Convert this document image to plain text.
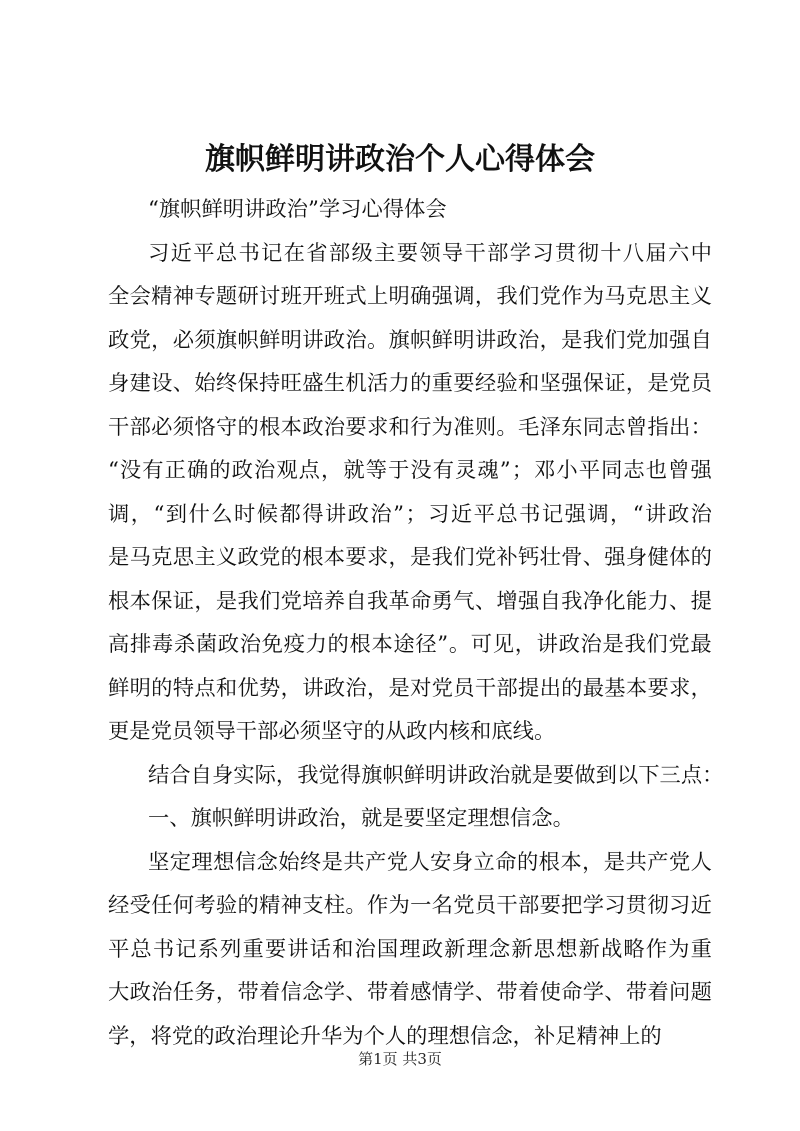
旗帜鲜明讲政治个人心得体会
“旗帜鲜明讲政治”学习心得体会
习 近 平 总 书 记 在 省 部 级 主 要 领 导 干 部 学 习 贯 彻 十 八 届 六 中
全 会 精 神 专 题 研 讨 班 开 班 式 上 明 确 强 调 ， 我 们 党 作 为 马 克 思 主 义
政 党 ， 必 须 旗 帜 鲜 明 讲 政 治 。 旗 帜 鲜 明 讲 政 治 ， 是 我 们 党 加 强 自
身 建 设 、 始 终 保 持 旺 盛 生 机 活 力 的 重 要 经 验 和 坚 强 保 证 ， 是 党 员
干 部 必 须 恪 守 的 根 本 政 治 要 求 和 行 为 准 则 。 毛 泽 东 同 志 曾 指 出 ：
“ 没 有 正 确 的 政 治 观 点 ， 就 等 于 没 有 灵 魂 ” ； 邓 小 平 同 志 也 曾 强
调 ， “ 到 什 么 时 候 都 得 讲 政 治 ” ； 习 近 平 总 书 记 强 调 ， “ 讲 政 治
是 马 克 思 主 义 政 党 的 根 本 要 求 ， 是 我 们 党 补 钙 壮 骨 、 强 身 健 体 的
根 本 保 证 ， 是 我 们 党 培 养 自 我 革 命 勇 气 、 增 强 自 我 净 化 能 力 、 提
高 排 毒 杀 菌 政 治 免 疫 力 的 根 本 途 径 ” 。 可 见 ， 讲 政 治 是 我 们 党 最
鲜 明 的 特 点 和 优 势 ， 讲 政 治 ， 是 对 党 员 干 部 提 出 的 最 基 本 要 求 ，
更是党员领导干部必须坚守的从政内核和底线。
结 合 自 身 实 际 ， 我 觉 得 旗 帜 鲜 明 讲 政 治 就 是 要 做 到 以 下 三 点 ：
一、旗帜鲜明讲政治，就是要坚定理想信念。
坚 定 理 想 信 念 始 终 是 共 产 党 人 安 身 立 命 的 根 本 ， 是 共 产 党 人
经 受 任 何 考 验 的 精 神 支 柱 。 作 为 一 名 党 员 干 部 要 把 学 习 贯 彻 习 近
平 总 书 记 系 列 重 要 讲 话 和 治 国 理 政 新 理 念 新 思 想 新 战 略 作 为 重
大 政 治 任 务 ， 带 着 信 念 学 、 带 着 感 情 学 、 带 着 使 命 学 、 带 着 问 题
学，将党的政治理论升华为个人的理想信念，补足精神上的
第1页 共3页
